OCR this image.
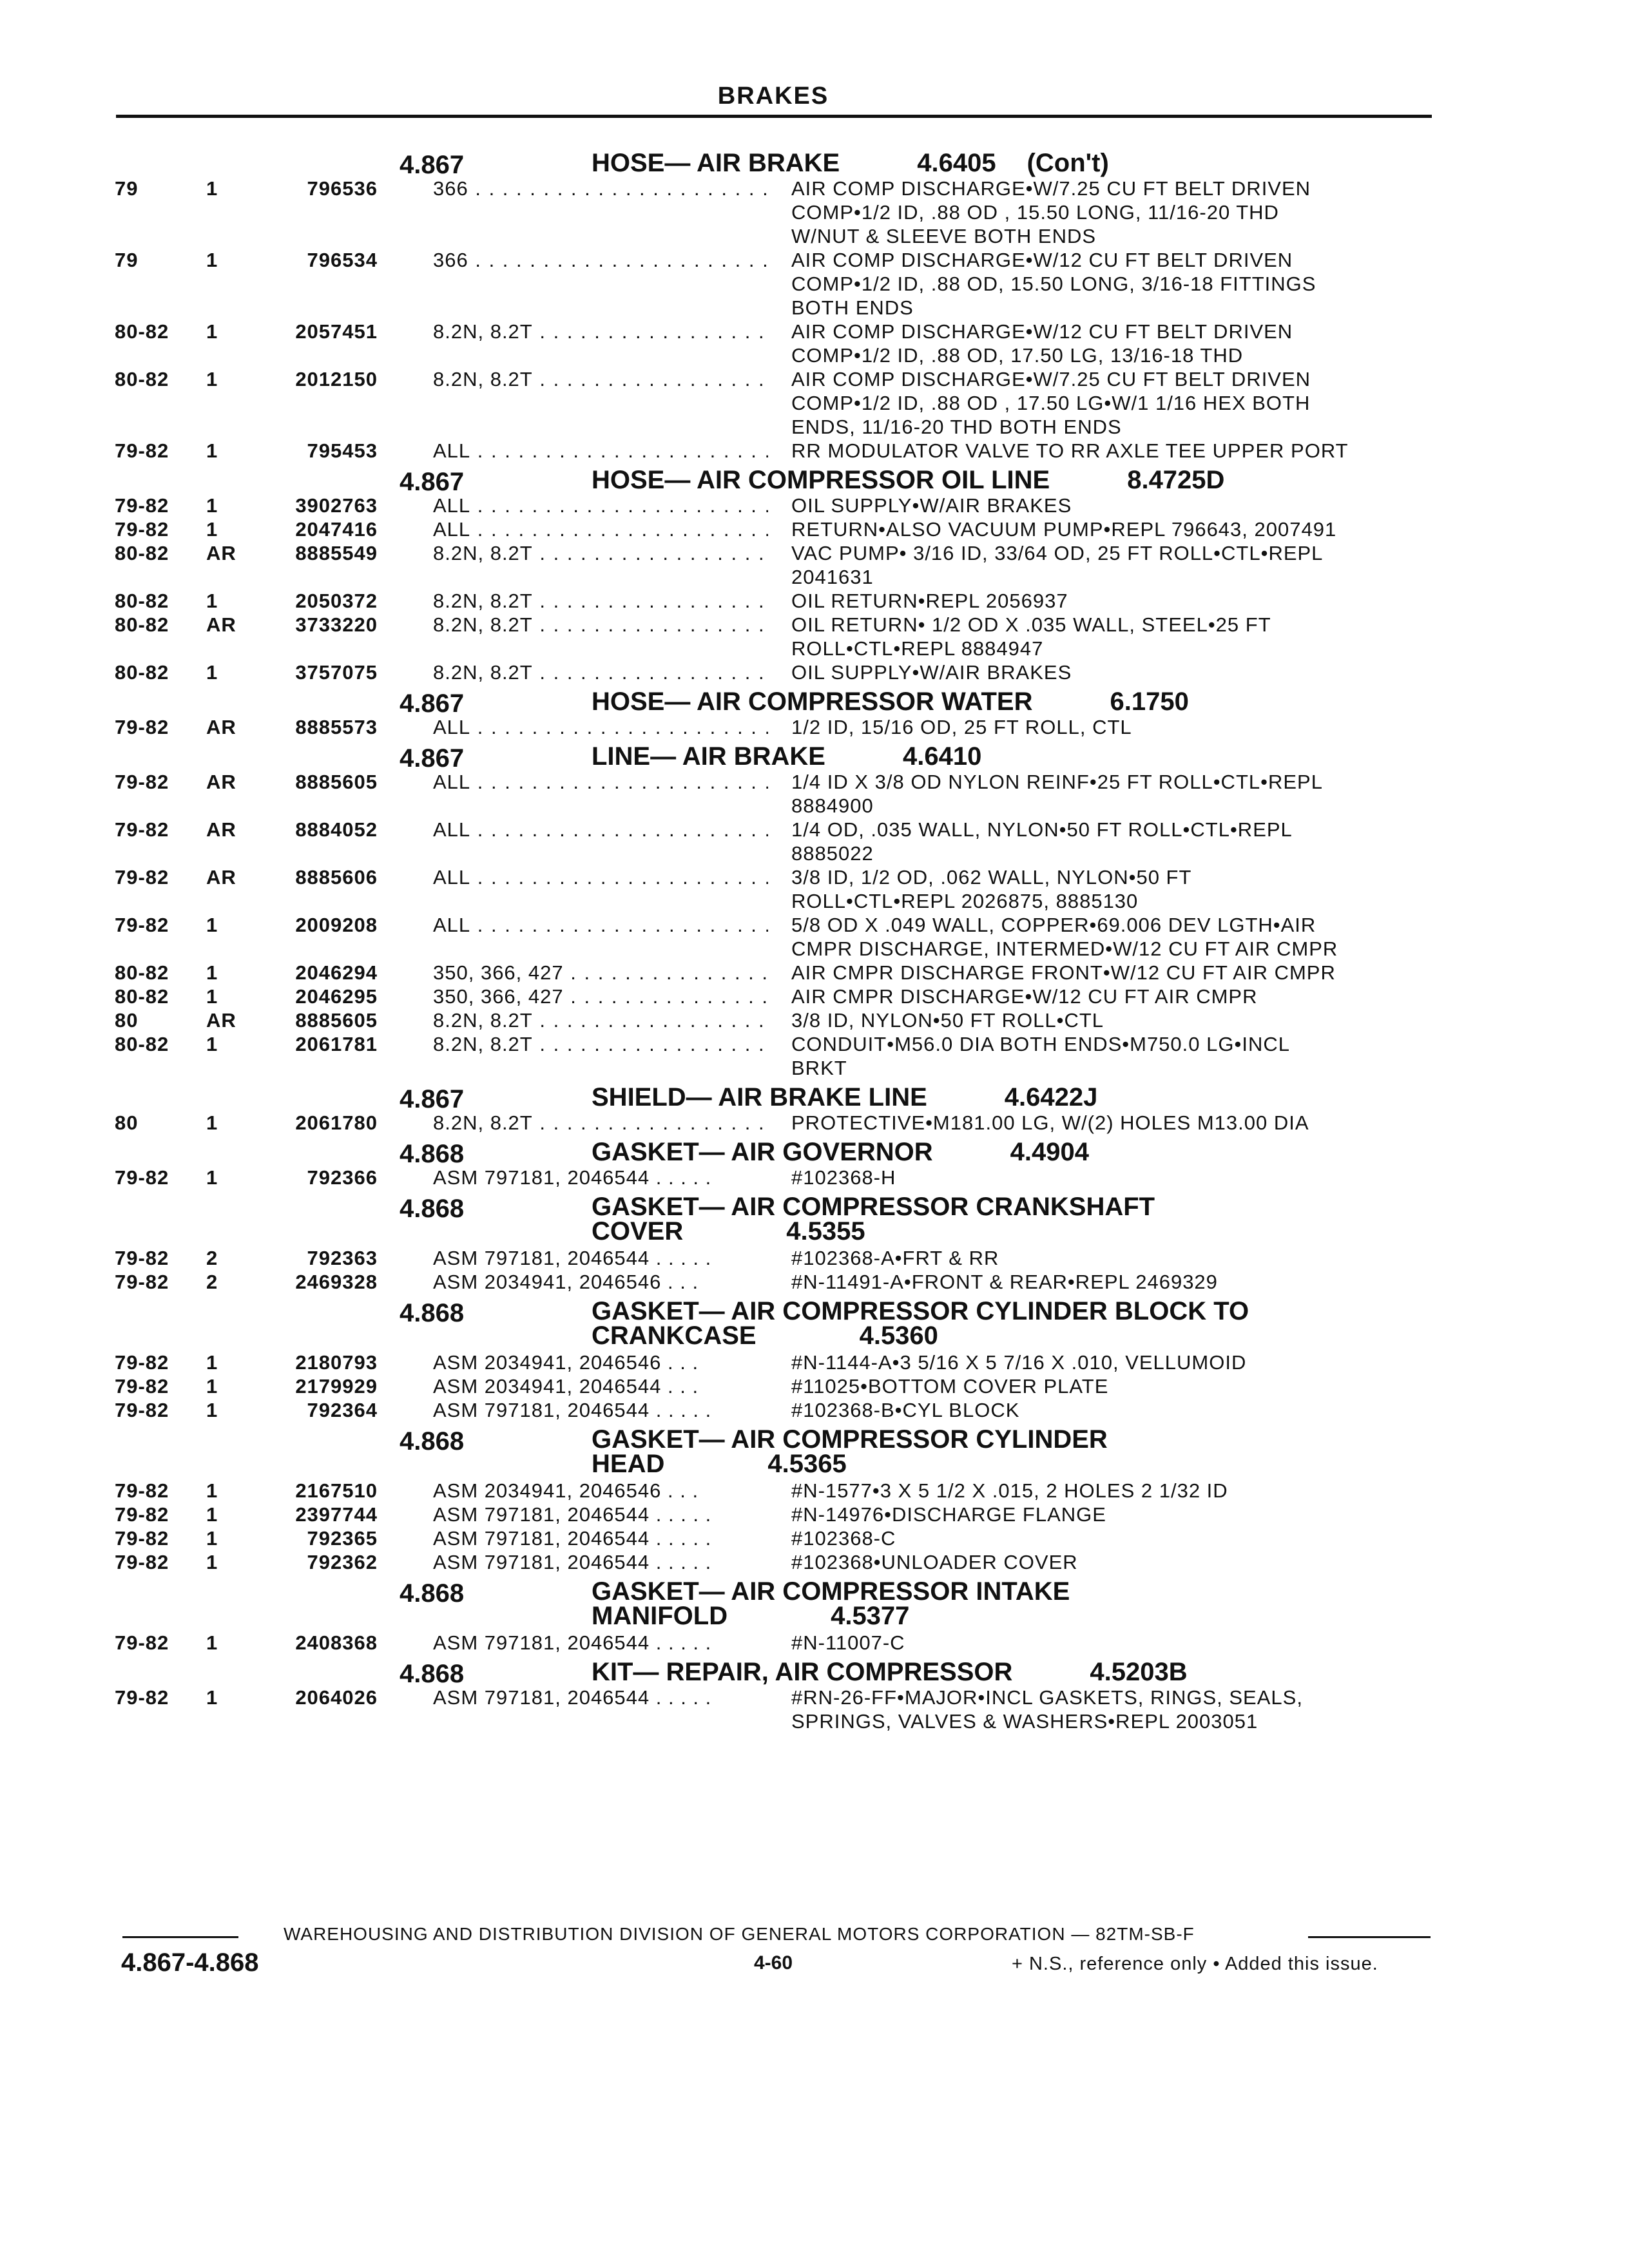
BRAKES
4.867	HOSE— AIR BRAKE	4.6405 (Con't)
79	1	796536	366 . . .	AIR COMP DISCHARGE•W/7.25 CU FT BELT DRIVEN
COMP•1/2 ID, .88 OD , 15.50 LONG, 11/16-20 THD
W/NUT & SLEEVE BOTH ENDS
79	1	796534	366 . . .	AIR COMP DISCHARGE•W/12 CU FT BELT DRIVEN
COMP•1/2 ID, .88 OD, 15.50 LONG, 3/16-18 FITTINGS
BOTH ENDS
80-82 1	2057451	8.2N, 8.2T . . .	AIR COMP DISCHARGE•W/12 CU FT BELT DRIVEN
COMP•1/2 ID, .88 OD, 17.50 LG, 13/16-18 THD
80-82 1	2012150	8.2N, 8.2T . . .	AIR COMP DISCHARGE•W/7.25 CU FT BELT DRIVEN
COMP•1/2 ID, .88 OD , 17.50 LG•W/1 1/16 HEX BOTH
ENDS, 11/16-20 THD BOTH ENDS
79-82 1	795453	ALL . . .	RR MODULATOR VALVE TO RR AXLE TEE UPPER PORT
4.867	HOSE— AIR COMPRESSOR OIL LINE	8.4725D
79-82 1	3902763	ALL . . .	OIL SUPPLY•W/AIR BRAKES
79-82 1	2047416	ALL . . .	RETURN•ALSO VACUUM PUMP•REPL 796643, 2007491
80-82 AR	8885549	8.2N, 8.2T . . .	VAC PUMP• 3/16 ID, 33/64 OD, 25 FT ROLL•CTL•REPL
2041631
80-82 1	2050372	8.2N, 8.2T . . .	OIL RETURN•REPL 2056937
80-82 AR	3733220	8.2N, 8.2T . . .	OIL RETURN• 1/2 OD X .035 WALL, STEEL•25 FT
ROLL•CTL•REPL 8884947
80-82 1	3757075	8.2N, 8.2T . . .	OIL SUPPLY•W/AIR BRAKES
4.867	HOSE— AIR COMPRESSOR WATER	6.1750
79-82 AR	8885573	ALL . . .	1/2 ID, 15/16 OD, 25 FT ROLL, CTL
4.867	LINE— AIR BRAKE	4.6410
79-82 AR	8885605	ALL . . .	1/4 ID X 3/8 OD NYLON REINF•25 FT ROLL•CTL•REPL
8884900
79-82 AR	8884052	ALL . . .	1/4 OD, .035 WALL, NYLON•50 FT ROLL•CTL•REPL
8885022
79-82 AR	8885606	ALL . . .	3/8 ID, 1/2 OD, .062 WALL, NYLON•50 FT
ROLL•CTL•REPL 2026875, 8885130
79-82 1	2009208	ALL . . .	5/8 OD X .049 WALL, COPPER•69.006 DEV LGTH•AIR
CMPR DISCHARGE, INTERMED•W/12 CU FT AIR CMPR
80-82 1	2046294	350, 366, 427 . . .	AIR CMPR DISCHARGE FRONT•W/12 CU FT AIR CMPR
80-82 1	2046295	350, 366, 427 . . .	AIR CMPR DISCHARGE•W/12 CU FT AIR CMPR
80	AR	8885605	8.2N, 8.2T . . .	3/8 ID, NYLON•50 FT ROLL•CTL
80-82 1	2061781	8.2N, 8.2T . . .	CONDUIT•M56.0 DIA BOTH ENDS•M750.0 LG•INCL
BRKT
4.867	SHIELD— AIR BRAKE LINE	4.6422J
80	1	2061780	8.2N, 8.2T . . .	PROTECTIVE•M181.00 LG, W/(2) HOLES M13.00 DIA
4.868	GASKET— AIR GOVERNOR	4.4904
79-82 1	792366	ASM 797181, 2046544 . . . . .	#102368-H
4.868	GASKET— AIR COMPRESSOR CRANKSHAFT
COVER	4.5355
79-82 2	792363	ASM 797181, 2046544 . . . . .	#102368-A•FRT & RR
79-82 2	2469328	ASM 2034941, 2046546 . . .	#N-11491-A•FRONT & REAR•REPL 2469329
4.868	GASKET— AIR COMPRESSOR CYLINDER BLOCK TO
CRANKCASE	4.5360
79-82 1	2180793	ASM 2034941, 2046546 . . .	#N-1144-A•3 5/16 X 5 7/16 X .010, VELLUMOID
79-82 1	2179929	ASM 2034941, 2046544 . . .	#11025•BOTTOM COVER PLATE
79-82 1	792364	ASM 797181, 2046544 . . . . .	#102368-B•CYL BLOCK
4.868	GASKET— AIR COMPRESSOR CYLINDER
HEAD	4.5365
79-82 1	2167510	ASM 2034941, 2046546 . . .	#N-1577•3 X 5 1/2 X .015, 2 HOLES 2 1/32 ID
79-82 1	2397744	ASM 797181, 2046544 . . . . .	#N-14976•DISCHARGE FLANGE
79-82 1	792365	ASM 797181, 2046544 . . . . .	#102368-C
79-82 1	792362	ASM 797181, 2046544 . . . . .	#102368•UNLOADER COVER
4.868	GASKET— AIR COMPRESSOR INTAKE
MANIFOLD	4.5377
79-82 1	2408368	ASM 797181, 2046544 . . . . .	#N-11007-C
4.868	KIT— REPAIR, AIR COMPRESSOR	4.5203B
79-82 1	2064026	ASM 797181, 2046544 . . . . .	#RN-26-FF•MAJOR•INCL GASKETS, RINGS, SEALS,
SPRINGS, VALVES & WASHERS•REPL 2003051
WAREHOUSING AND DISTRIBUTION DIVISION OF GENERAL MOTORS CORPORATION — 82TM-SB-F
4.867-4.868	4-60	+ N.S., reference only • Added this issue.
